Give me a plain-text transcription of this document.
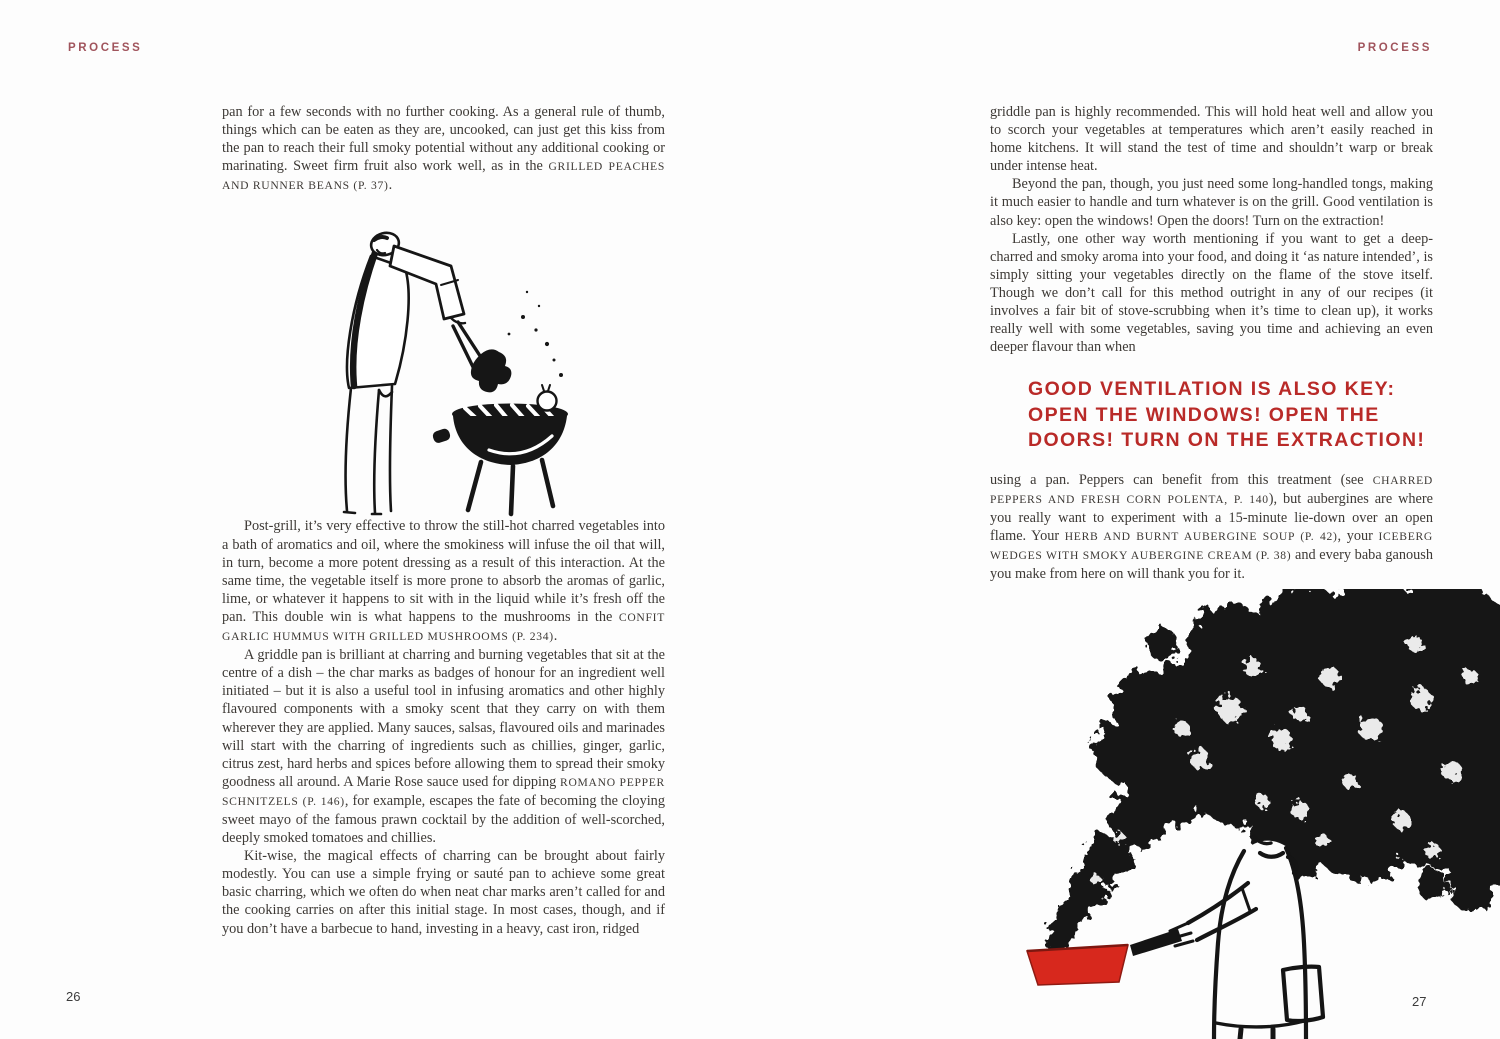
PROCESS	PROCESS

pan for a few seconds with no further cooking. As a general rule of thumb, things which can be eaten as they are, uncooked, can just get this kiss from the pan to reach their full smoky potential without any additional cooking or marinating. Sweet firm fruit also work well, as in the GRILLED PEACHES AND RUNNER BEANS (P. 37).

Post-grill, it’s very effective to throw the still-hot charred vegetables into a bath of aromatics and oil, where the smokiness will infuse the oil that will, in turn, become a more potent dressing as a result of this interaction. At the same time, the vegetable itself is more prone to absorb the aromas of garlic, lime, or whatever it happens to sit with in the liquid while it’s fresh off the pan. This double win is what happens to the mushrooms in the CONFIT GARLIC HUMMUS WITH GRILLED MUSHROOMS (P. 234).

A griddle pan is brilliant at charring and burning vegetables that sit at the centre of a dish – the char marks as badges of honour for an ingredient well initiated – but it is also a useful tool in infusing aromatics and other highly flavoured components with a smoky scent that they carry on with them wherever they are applied. Many sauces, salsas, flavoured oils and marinades will start with the charring of ingredients such as chillies, ginger, garlic, citrus zest, hard herbs and spices before allowing them to spread their smoky goodness all around. A Marie Rose sauce used for dipping ROMANO PEPPER SCHNITZELS (P. 146), for example, escapes the fate of becoming the cloying sweet mayo of the famous prawn cocktail by the addition of well-scorched, deeply smoked tomatoes and chillies.

Kit-wise, the magical effects of charring can be brought about fairly modestly. You can use a simple frying or sauté pan to achieve some great basic charring, which we often do when neat char marks aren’t called for and the cooking carries on after this initial stage. In most cases, though, and if you don’t have a barbecue to hand, investing in a heavy, cast iron, ridged

griddle pan is highly recommended. This will hold heat well and allow you to scorch your vegetables at temperatures which aren’t easily reached in home kitchens. It will stand the test of time and shouldn’t warp or break under intense heat.

Beyond the pan, though, you just need some long-handled tongs, making it much easier to handle and turn whatever is on the grill. Good ventilation is also key: open the windows! Open the doors! Turn on the extraction!

Lastly, one other way worth mentioning if you want to get a deep-charred and smoky aroma into your food, and doing it ‘as nature intended’, is simply sitting your vegetables directly on the flame of the stove itself. Though we don’t call for this method outright in any of our recipes (it involves a fair bit of stove-scrubbing when it’s time to clean up), it works really well with some vegetables, saving you time and achieving an even deeper flavour than when

GOOD VENTILATION IS ALSO KEY:
OPEN THE WINDOWS! OPEN THE
DOORS! TURN ON THE EXTRACTION!

using a pan. Peppers can benefit from this treatment (see CHARRED PEPPERS AND FRESH CORN POLENTA, P. 140), but aubergines are where you really want to experiment with a 15-minute lie-down over an open flame. Your HERB AND BURNT AUBERGINE SOUP (P. 42), your ICEBERG WEDGES WITH SMOKY AUBERGINE CREAM (P. 38) and every baba ganoush you make from here on will thank you for it.

26	27
